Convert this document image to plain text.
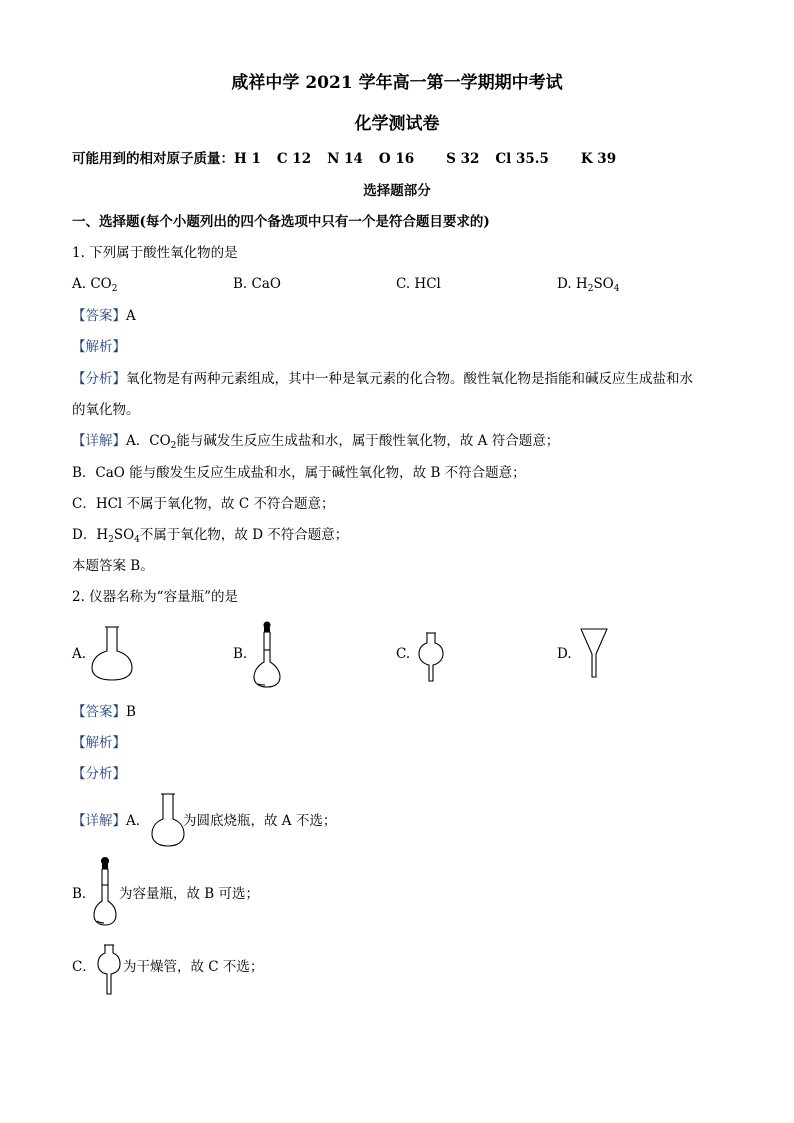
咸祥中学 2021 学年高一第一学期期中考试
化学测试卷
可能用到的相对原子质量：H 1 C 12 N 14 O 16 S 32 Cl 35.5 K 39
选择题部分
一、选择题(每个小题列出的四个备选项中只有一个是符合题目要求的)
1. 下列属于酸性氧化物的是
A. $CO_2$	B. CaO	C. HCl	D. $H_2SO_4$
【答案】A
【解析】
【分析】氧化物是有两种元素组成，其中一种是氧元素的化合物。酸性氧化物是指能和碱反应生成盐和水
的氧化物。
【详解】A．$CO_2$能与碱发生反应生成盐和水，属于酸性氧化物，故 A 符合题意；
B．CaO 能与酸发生反应生成盐和水，属于碱性氧化物，故 B 不符合题意；
C．HCl 不属于氧化物，故 C 不符合题意；
D．$H_2SO_4$不属于氧化物，故 D 不符合题意；
本题答案 B。
2. 仪器名称为“容量瓶”的是
A.	B.	C.	D.
【答案】B
【解析】
【分析】
【详解】A．	为圆底烧瓶，故 A 不选；
B． 为容量瓶，故 B 可选；
C． 为干燥管，故 C 不选；
